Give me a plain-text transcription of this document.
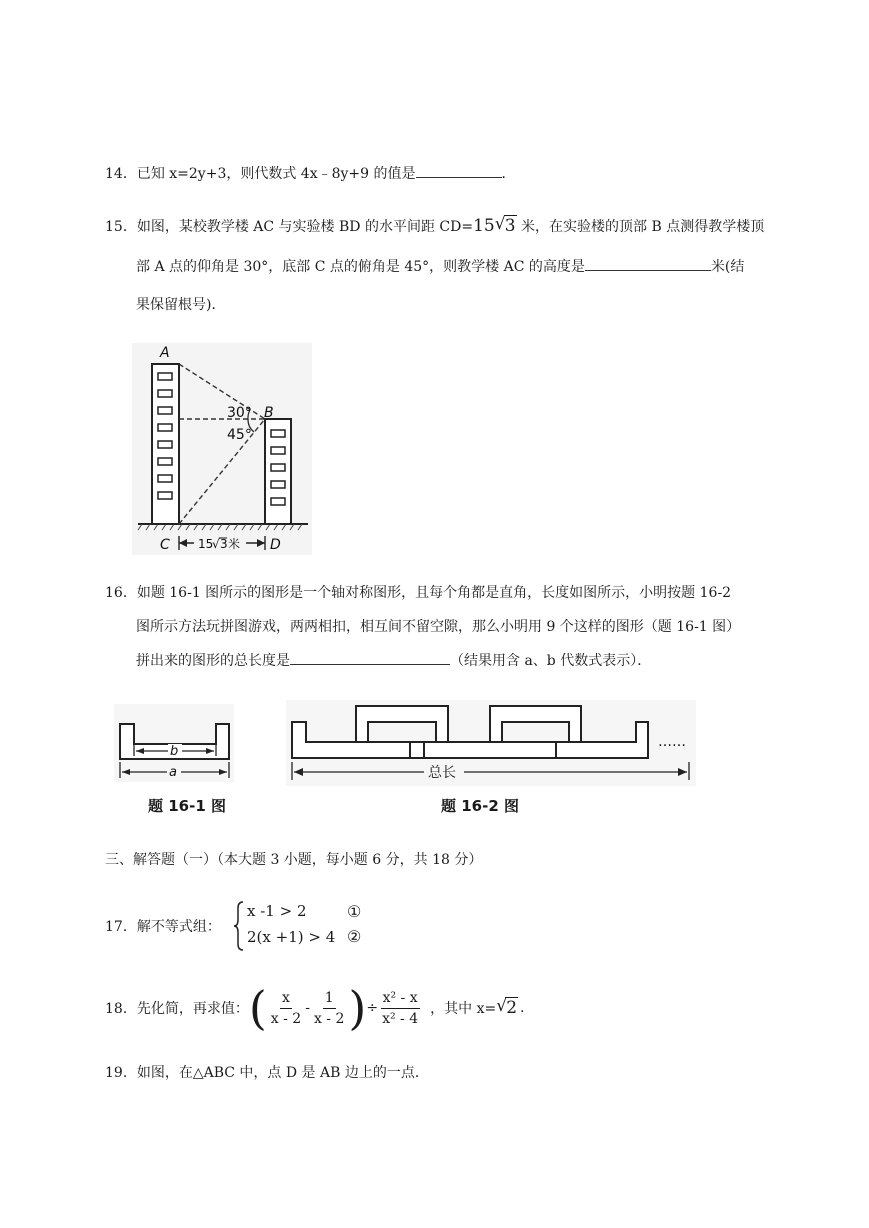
14．已知 x=2y+3，则代数式 4x﹣8y+9 的值是	．
15．如图，某校教学楼 AC 与实验楼 BD 的水平间距 CD=15 √ 3 米，在实验楼的顶部 B 点测得教学楼顶
部 A 点的仰角是 30°，底部 C 点的俯角是 45°，则教学楼 AC 的高度是	米(结
果保留根号)．
A
B
30°
45°
15
√ 3 米
C	D
16．如题 16-1 图所示的图形是一个轴对称图形，且每个角都是直角，长度如图所示，小明按题 16-2
图所示方法玩拼图游戏，两两相扣，相互间不留空隙，那么小明用 9 个这样的图形（题 16-1 图）
拼出来的图形的总长度是	（结果用含 a、b 代数式表示）．
b
a
题 16-1 图
……
总长
题 16-2 图
三、解答题（一）（本大题 3 小题，每小题 6 分，共 18 分）
17．解不等式组：
x -1 > 2
2(x +1) > 4
①
②
18． 先化简，再求值： ( $\frac{x}{x - 2} - \frac{1}{x - 2}$ ) ÷ $\frac{\text{x² - x}}{\text{x² - 4}}$ ，其中 x= √ 2 .
19．如图，在△ABC 中，点 D 是 AB 边上的一点．
